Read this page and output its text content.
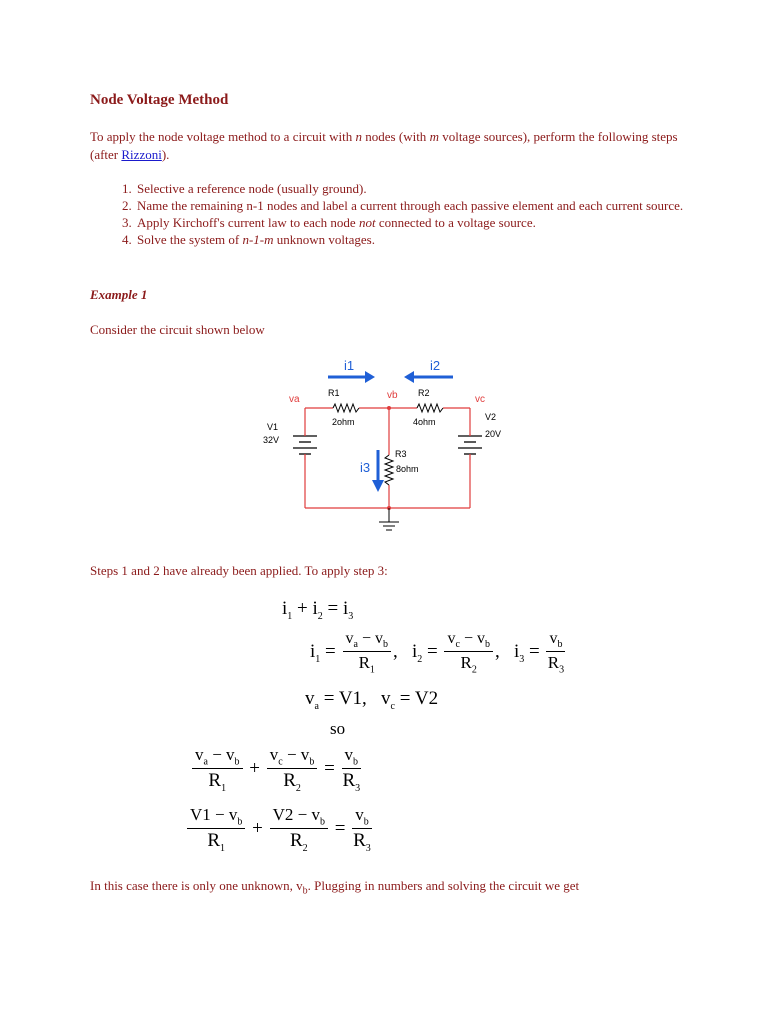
Node Voltage Method
To apply the node voltage method to a circuit with n nodes (with m voltage sources), perform the following steps (after Rizzoni).
1. Selective a reference node (usually ground).
2. Name the remaining n-1 nodes and label a current through each passive element and each current source.
3. Apply Kirchoff's current law to each node not connected to a voltage source.
4. Solve the system of n-1-m unknown voltages.
Example 1
Consider the circuit shown below
i1	i2
va	vb	vc
R1
2ohm
R2
4ohm
R3
8ohm
i3
V1
32V
V2
20V
Steps 1 and 2 have already been applied. To apply step 3:
$i_1 + i_2 = i_3$
$i_1 = \frac{v_a - v_b}{R_1}$ ,   $i_2 = \frac{v_c - v_b}{R_2}$ ,   $i_3 = \frac{v_b}{R_3}$
$v_a = V1$,   $v_c = V2$
so
$\frac{v_a - v_b}{R_1} + \frac{v_c - v_b}{R_2} = \frac{v_b}{R_3}$
$\frac{V1 - v_b}{R_1} + \frac{V2 - v_b}{R_2} = \frac{v_b}{R_3}$
In this case there is only one unknown, $v_b$. Plugging in numbers and solving the circuit we get
